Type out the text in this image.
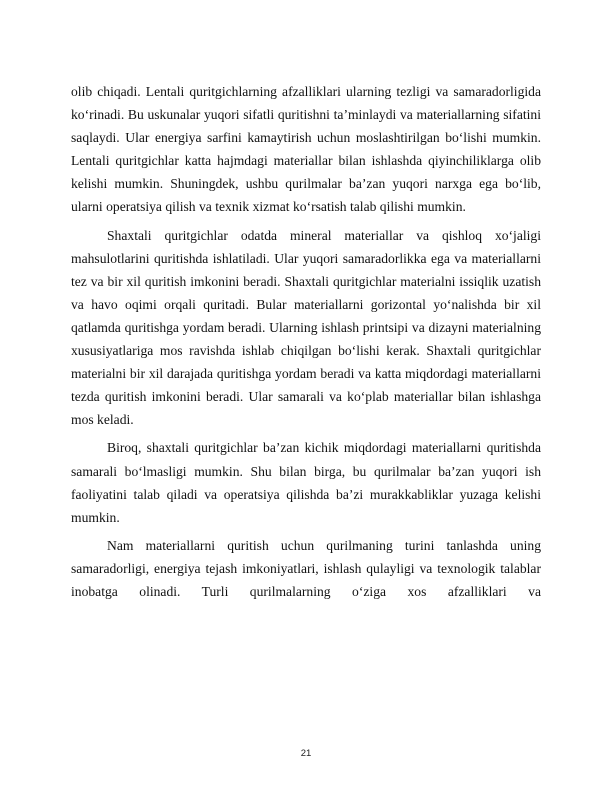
olib chiqadi. Lentali quritgichlarning afzalliklari ularning tezligi va samaradorligida ko‘rinadi. Bu uskunalar yuqori sifatli quritishni ta’minlaydi va materiallarning sifatini saqlaydi. Ular energiya sarfini kamaytirish uchun moslashtirilgan bo‘lishi mumkin. Lentali quritgichlar katta hajmdagi materiallar bilan ishlashda qiyinchiliklarga olib kelishi mumkin. Shuningdek, ushbu qurilmalar ba’zan yuqori narxga ega bo‘lib, ularni operatsiya qilish va texnik xizmat ko‘rsatish talab qilishi mumkin.

Shaxtali quritgichlar odatda mineral materiallar va qishloq xo‘jaligi mahsulotlarini quritishda ishlatiladi. Ular yuqori samaradorlikka ega va materiallarni tez va bir xil quritish imkonini beradi. Shaxtali quritgichlar materialni issiqlik uzatish va havo oqimi orqali quritadi. Bular materiallarni gorizontal yo‘nalishda bir xil qatlamda quritishga yordam beradi. Ularning ishlash printsipi va dizayni materialning xususiyatlariga mos ravishda ishlab chiqilgan bo‘lishi kerak. Shaxtali quritgichlar materialni bir xil darajada quritishga yordam beradi va katta miqdordagi materiallarni tezda quritish imkonini beradi. Ular samarali va ko‘plab materiallar bilan ishlashga mos keladi.

Biroq, shaxtali quritgichlar ba’zan kichik miqdordagi materiallarni quritishda samarali bo‘lmasligi mumkin. Shu bilan birga, bu qurilmalar ba’zan yuqori ish faoliyatini talab qiladi va operatsiya qilishda ba’zi murakkabliklar yuzaga kelishi mumkin.

Nam materiallarni quritish uchun qurilmaning turini tanlashda uning samaradorligi, energiya tejash imkoniyatlari, ishlash qulayligi va texnologik talablar inobatga olinadi. Turli qurilmalarning o‘ziga xos afzalliklari va

21
